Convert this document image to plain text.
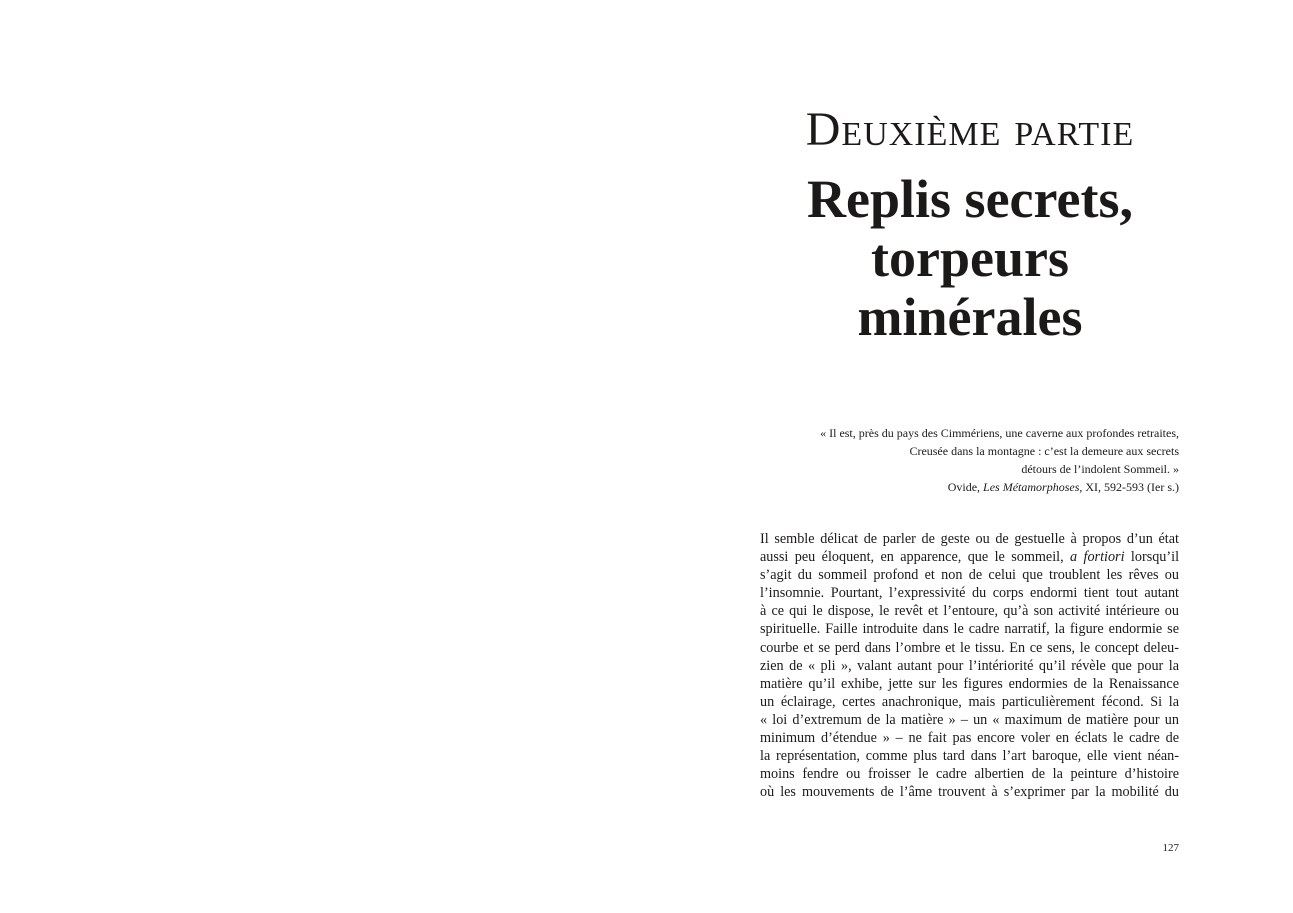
Deuxième partie
Replis secrets,
torpeurs
minérales
« Il est, près du pays des Cimmériens, une caverne aux profondes retraites,
Creusée dans la montagne : c’est la demeure aux secrets
détours de l’indolent Sommeil. »
Ovide, Les Métamorphoses, XI, 592-593 (Ier s.)
Il semble délicat de parler de geste ou de gestuelle à propos d’un état
aussi peu éloquent, en apparence, que le sommeil, a fortiori lorsqu’il
s’agit du sommeil profond et non de celui que troublent les rêves ou
l’insomnie. Pourtant, l’expressivité du corps endormi tient tout autant
à ce qui le dispose, le revêt et l’entoure, qu’à son activité intérieure ou
spirituelle. Faille introduite dans le cadre narratif, la figure endormie se
courbe et se perd dans l’ombre et le tissu. En ce sens, le concept deleu-
zien de « pli », valant autant pour l’intériorité qu’il révèle que pour la
matière qu’il exhibe, jette sur les figures endormies de la Renaissance
un éclairage, certes anachronique, mais particulièrement fécond. Si la
« loi d’extremum de la matière » – un « maximum de matière pour un
minimum d’étendue » – ne fait pas encore voler en éclats le cadre de
la représentation, comme plus tard dans l’art baroque, elle vient néan-
moins fendre ou froisser le cadre albertien de la peinture d’histoire
où les mouvements de l’âme trouvent à s’exprimer par la mobilité du
127
